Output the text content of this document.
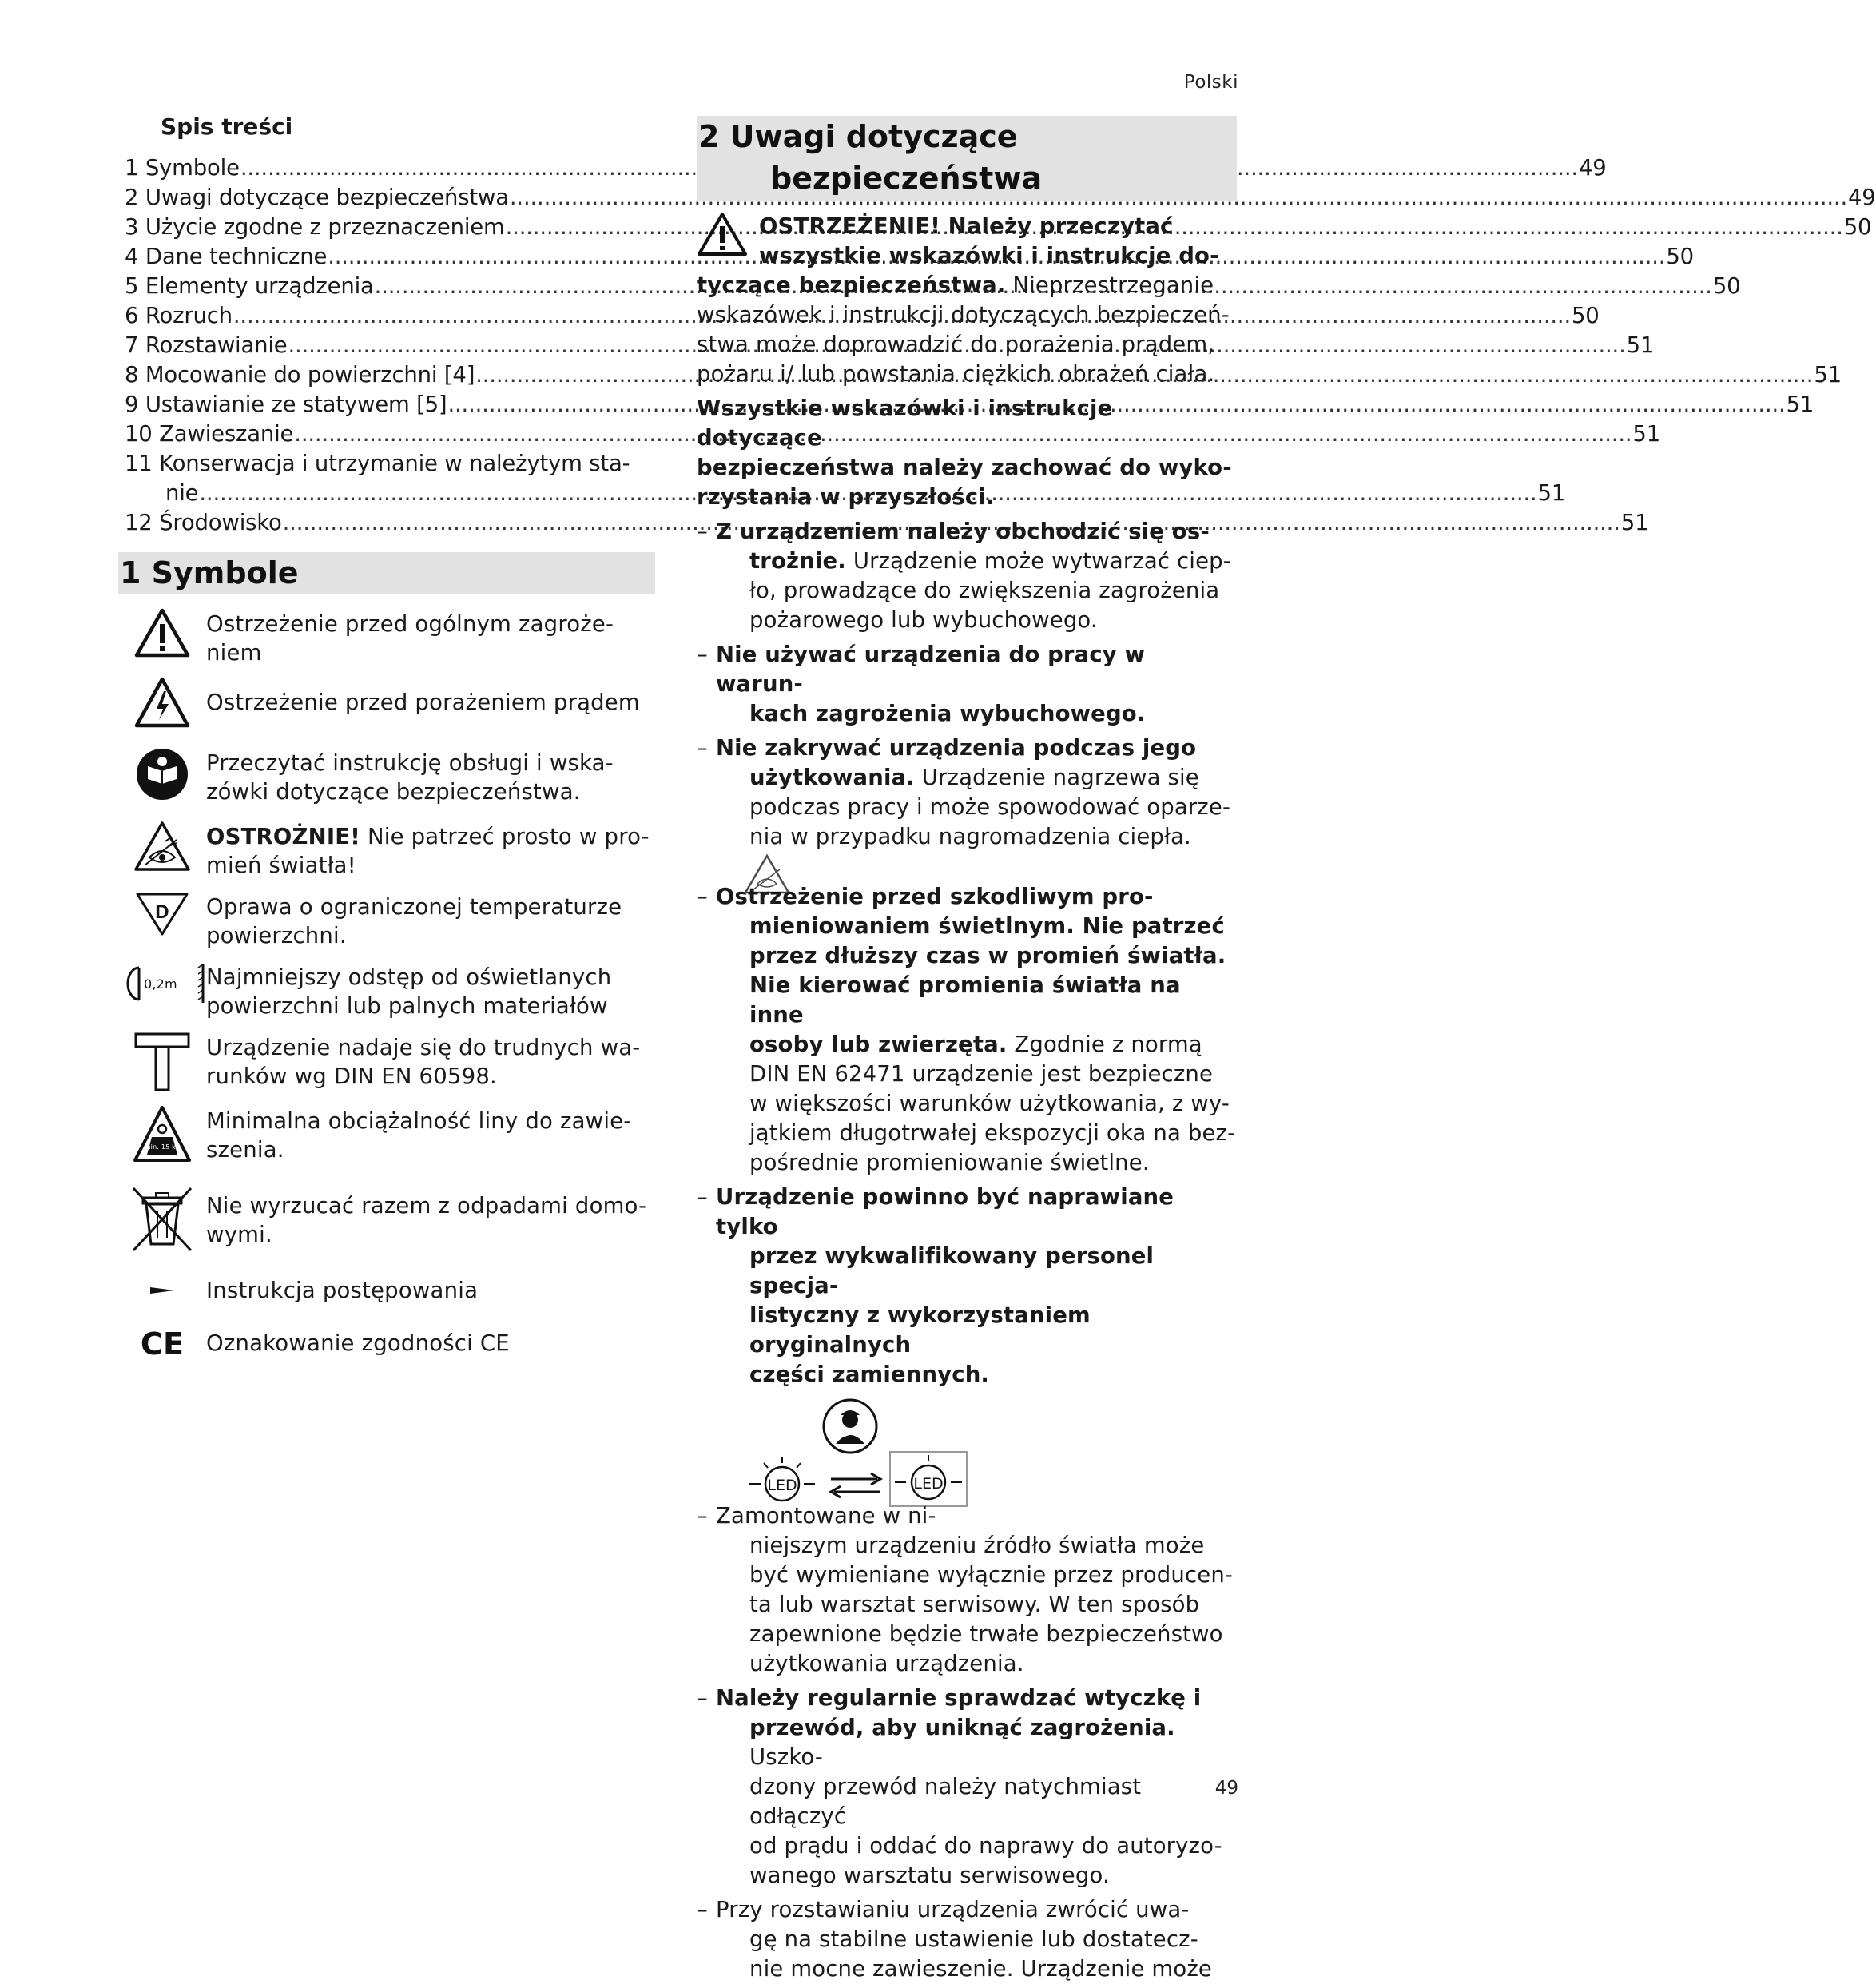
Polski
Spis treści
1 Symbole .....	49
2 Uwagi dotyczące bezpieczeństwa .....	49
3 Użycie zgodne z przeznaczeniem .....	50
4 Dane techniczne .....	50
5 Elementy urządzenia .....	50
6 Rozruch .....	50
7 Rozstawianie .....	51
8 Mocowanie do powierzchni [4] .....	51
9 Ustawianie ze statywem [5] .....	51
10 Zawieszanie .....	51
11 Konserwacja i utrzymanie w należytym sta-
nie .....	51
12 Środowisko .....	51
1 Symbole
Ostrzeżenie przed ogólnym zagroże-
niem
Ostrzeżenie przed porażeniem prądem
Przeczytać instrukcję obsługi i wska-
zówki dotyczące bezpieczeństwa.
OSTROŻNIE! Nie patrzeć prosto w pro-
mień światła!
D Oprawa o ograniczonej temperaturze
powierzchni.
0,2m Najmniejszy odstęp od oświetlanych
powierzchni lub palnych materiałów
Urządzenie nadaje się do trudnych wa-
runków wg DIN EN 60598.
min. 15 kg
Minimalna obciążalność liny do zawie-
szenia.
Nie wyrzucać razem z odpadami domo-
wymi.
Instrukcja postępowania
CE Oznakowanie zgodności CE
2 Uwagi dotyczące
bezpieczeństwa
OSTRZEŻENIE! Należy przeczytać
wszystkie wskazówki i instrukcje do-
tyczące bezpieczeństwa. Nieprzestrzeganie
wskazówek i instrukcji dotyczących bezpieczeń-
stwa może doprowadzić do porażenia prądem,
pożaru i/ lub powstania ciężkich obrażeń ciała.
Wszystkie wskazówki i instrukcje dotyczące
bezpieczeństwa należy zachować do wyko-
rzystania w przyszłości.
– Z urządzeniem należy obchodzić się os-
trożnie. Urządzenie może wytwarzać ciep-
ło, prowadzące do zwiększenia zagrożenia
pożarowego lub wybuchowego.
– Nie używać urządzenia do pracy w warun-
kach zagrożenia wybuchowego.
– Nie zakrywać urządzenia podczas jego
użytkowania. Urządzenie nagrzewa się
podczas pracy i może spowodować oparze-
nia w przypadku nagromadzenia ciepła.
– Ostrzeżenie przed szkodliwym pro-
mieniowaniem świetlnym. Nie patrzeć
przez dłuższy czas w promień światła.
Nie kierować promienia światła na inne
osoby lub zwierzęta. Zgodnie z normą
DIN EN 62471 urządzenie jest bezpieczne
w większości warunków użytkowania, z wy-
jątkiem długotrwałej ekspozycji oka na bez-
pośrednie promieniowanie świetlne.
– Urządzenie powinno być naprawiane tylko
przez wykwalifikowany personel specja-
listyczny z wykorzystaniem oryginalnych
części zamiennych.
LED	LED
– Zamontowane w ni-
niejszym urządzeniu źródło światła może
być wymieniane wyłącznie przez producen-
ta lub warsztat serwisowy. W ten sposób
zapewnione będzie trwałe bezpieczeństwo
użytkowania urządzenia.
– Należy regularnie sprawdzać wtyczkę i
przewód, aby uniknąć zagrożenia. Uszko-
dzony przewód należy natychmiast odłączyć
od prądu i oddać do naprawy do autoryzo-
wanego warsztatu serwisowego.
– Przy rozstawianiu urządzenia zwrócić uwa-
gę na stabilne ustawienie lub dostatecz-
nie mocne zawieszenie. Urządzenie może
49
